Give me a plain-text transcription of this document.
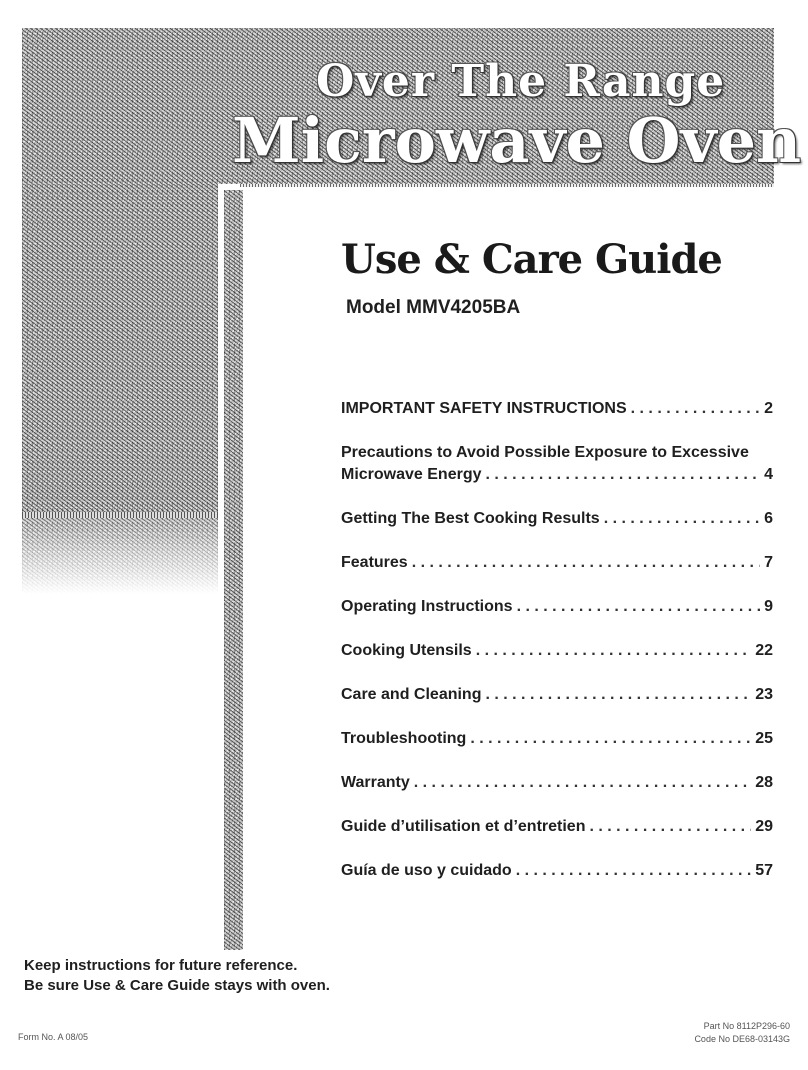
Over The Range
Microwave Oven
Use & Care Guide
Model MMV4205BA
IMPORTANT SAFETY INSTRUCTIONS . . .	2
Precautions to Avoid Possible Exposure to Excessive
Microwave Energy . . .	4
Getting The Best Cooking Results . . .	6
Features . . .	7
Operating Instructions . . .	9
Cooking Utensils . . .	22
Care and Cleaning . . .	23
Troubleshooting . . .	25
Warranty . . .	28
Guide d’utilisation et d’entretien . . .	29
Guía de uso y cuidado . . .	57
Keep instructions for future reference.
Be sure Use & Care Guide stays with oven.
Form No. A 08/05
Part No 8112P296-60
Code No DE68-03143G
